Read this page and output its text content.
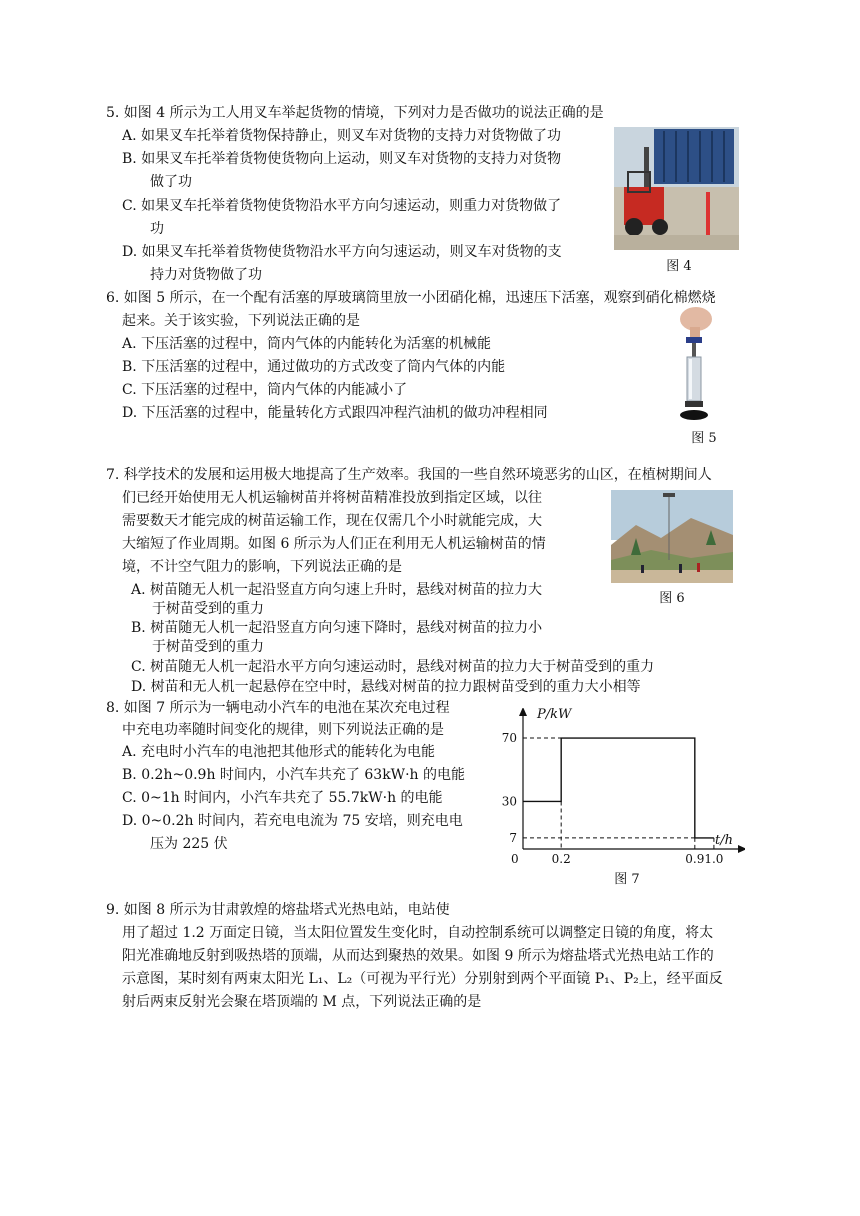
5. 如图 4 所示为工人用叉车举起货物的情境，下列对力是否做功的说法正确的是
A. 如果叉车托举着货物保持静止，则叉车对货物的支持力对货物做了功
B. 如果叉车托举着货物使货物向上运动，则叉车对货物的支持力对货物
做了功
C. 如果叉车托举着货物使货物沿水平方向匀速运动，则重力对货物做了
功
D. 如果叉车托举着货物使货物沿水平方向匀速运动，则叉车对货物的支
持力对货物做了功
图 4
6. 如图 5 所示，在一个配有活塞的厚玻璃筒里放一小团硝化棉，迅速压下活塞，观察到硝化棉燃烧
起来。关于该实验，下列说法正确的是
A. 下压活塞的过程中，筒内气体的内能转化为活塞的机械能
B. 下压活塞的过程中，通过做功的方式改变了筒内气体的内能
C. 下压活塞的过程中，筒内气体的内能减小了
D. 下压活塞的过程中，能量转化方式跟四冲程汽油机的做功冲程相同
图 5
7. 科学技术的发展和运用极大地提高了生产效率。我国的一些自然环境恶劣的山区，在植树期间人
们已经开始使用无人机运输树苗并将树苗精准投放到指定区域，以往
需要数天才能完成的树苗运输工作，现在仅需几个小时就能完成，大
大缩短了作业周期。如图 6 所示为人们正在利用无人机运输树苗的情
境，不计空气阻力的影响，下列说法正确的是
A. 树苗随无人机一起沿竖直方向匀速上升时，悬线对树苗的拉力大
于树苗受到的重力
B. 树苗随无人机一起沿竖直方向匀速下降时，悬线对树苗的拉力小
于树苗受到的重力
C. 树苗随无人机一起沿水平方向匀速运动时，悬线对树苗的拉力大于树苗受到的重力
D. 树苗和无人机一起悬停在空中时，悬线对树苗的拉力跟树苗受到的重力大小相等
图 6
8. 如图 7 所示为一辆电动小汽车的电池在某次充电过程
中充电功率随时间变化的规律，则下列说法正确的是
A. 充电时小汽车的电池把其他形式的能转化为电能
B. 0.2h~0.9h 时间内，小汽车共充了 63kW·h 的电能
C. 0~1h 时间内，小汽车共充了 55.7kW·h 的电能
D. 0~0.2h 时间内，若充电电流为 75 安培，则充电电
压为 225 伏
P/kW
t/h
0	0.2	0.9 1.0
7
30
70
图 7
9. 如图 8 所示为甘肃敦煌的熔盐塔式光热电站，电站使
用了超过 1.2 万面定日镜，当太阳位置发生变化时，自动控制系统可以调整定日镜的角度，将太
阳光准确地反射到吸热塔的顶端，从而达到聚热的效果。如图 9 所示为熔盐塔式光热电站工作的
示意图，某时刻有两束太阳光 L₁、L₂（可视为平行光）分别射到两个平面镜 P₁、P₂上，经平面反
射后两束反射光会聚在塔顶端的 M 点，下列说法正确的是
